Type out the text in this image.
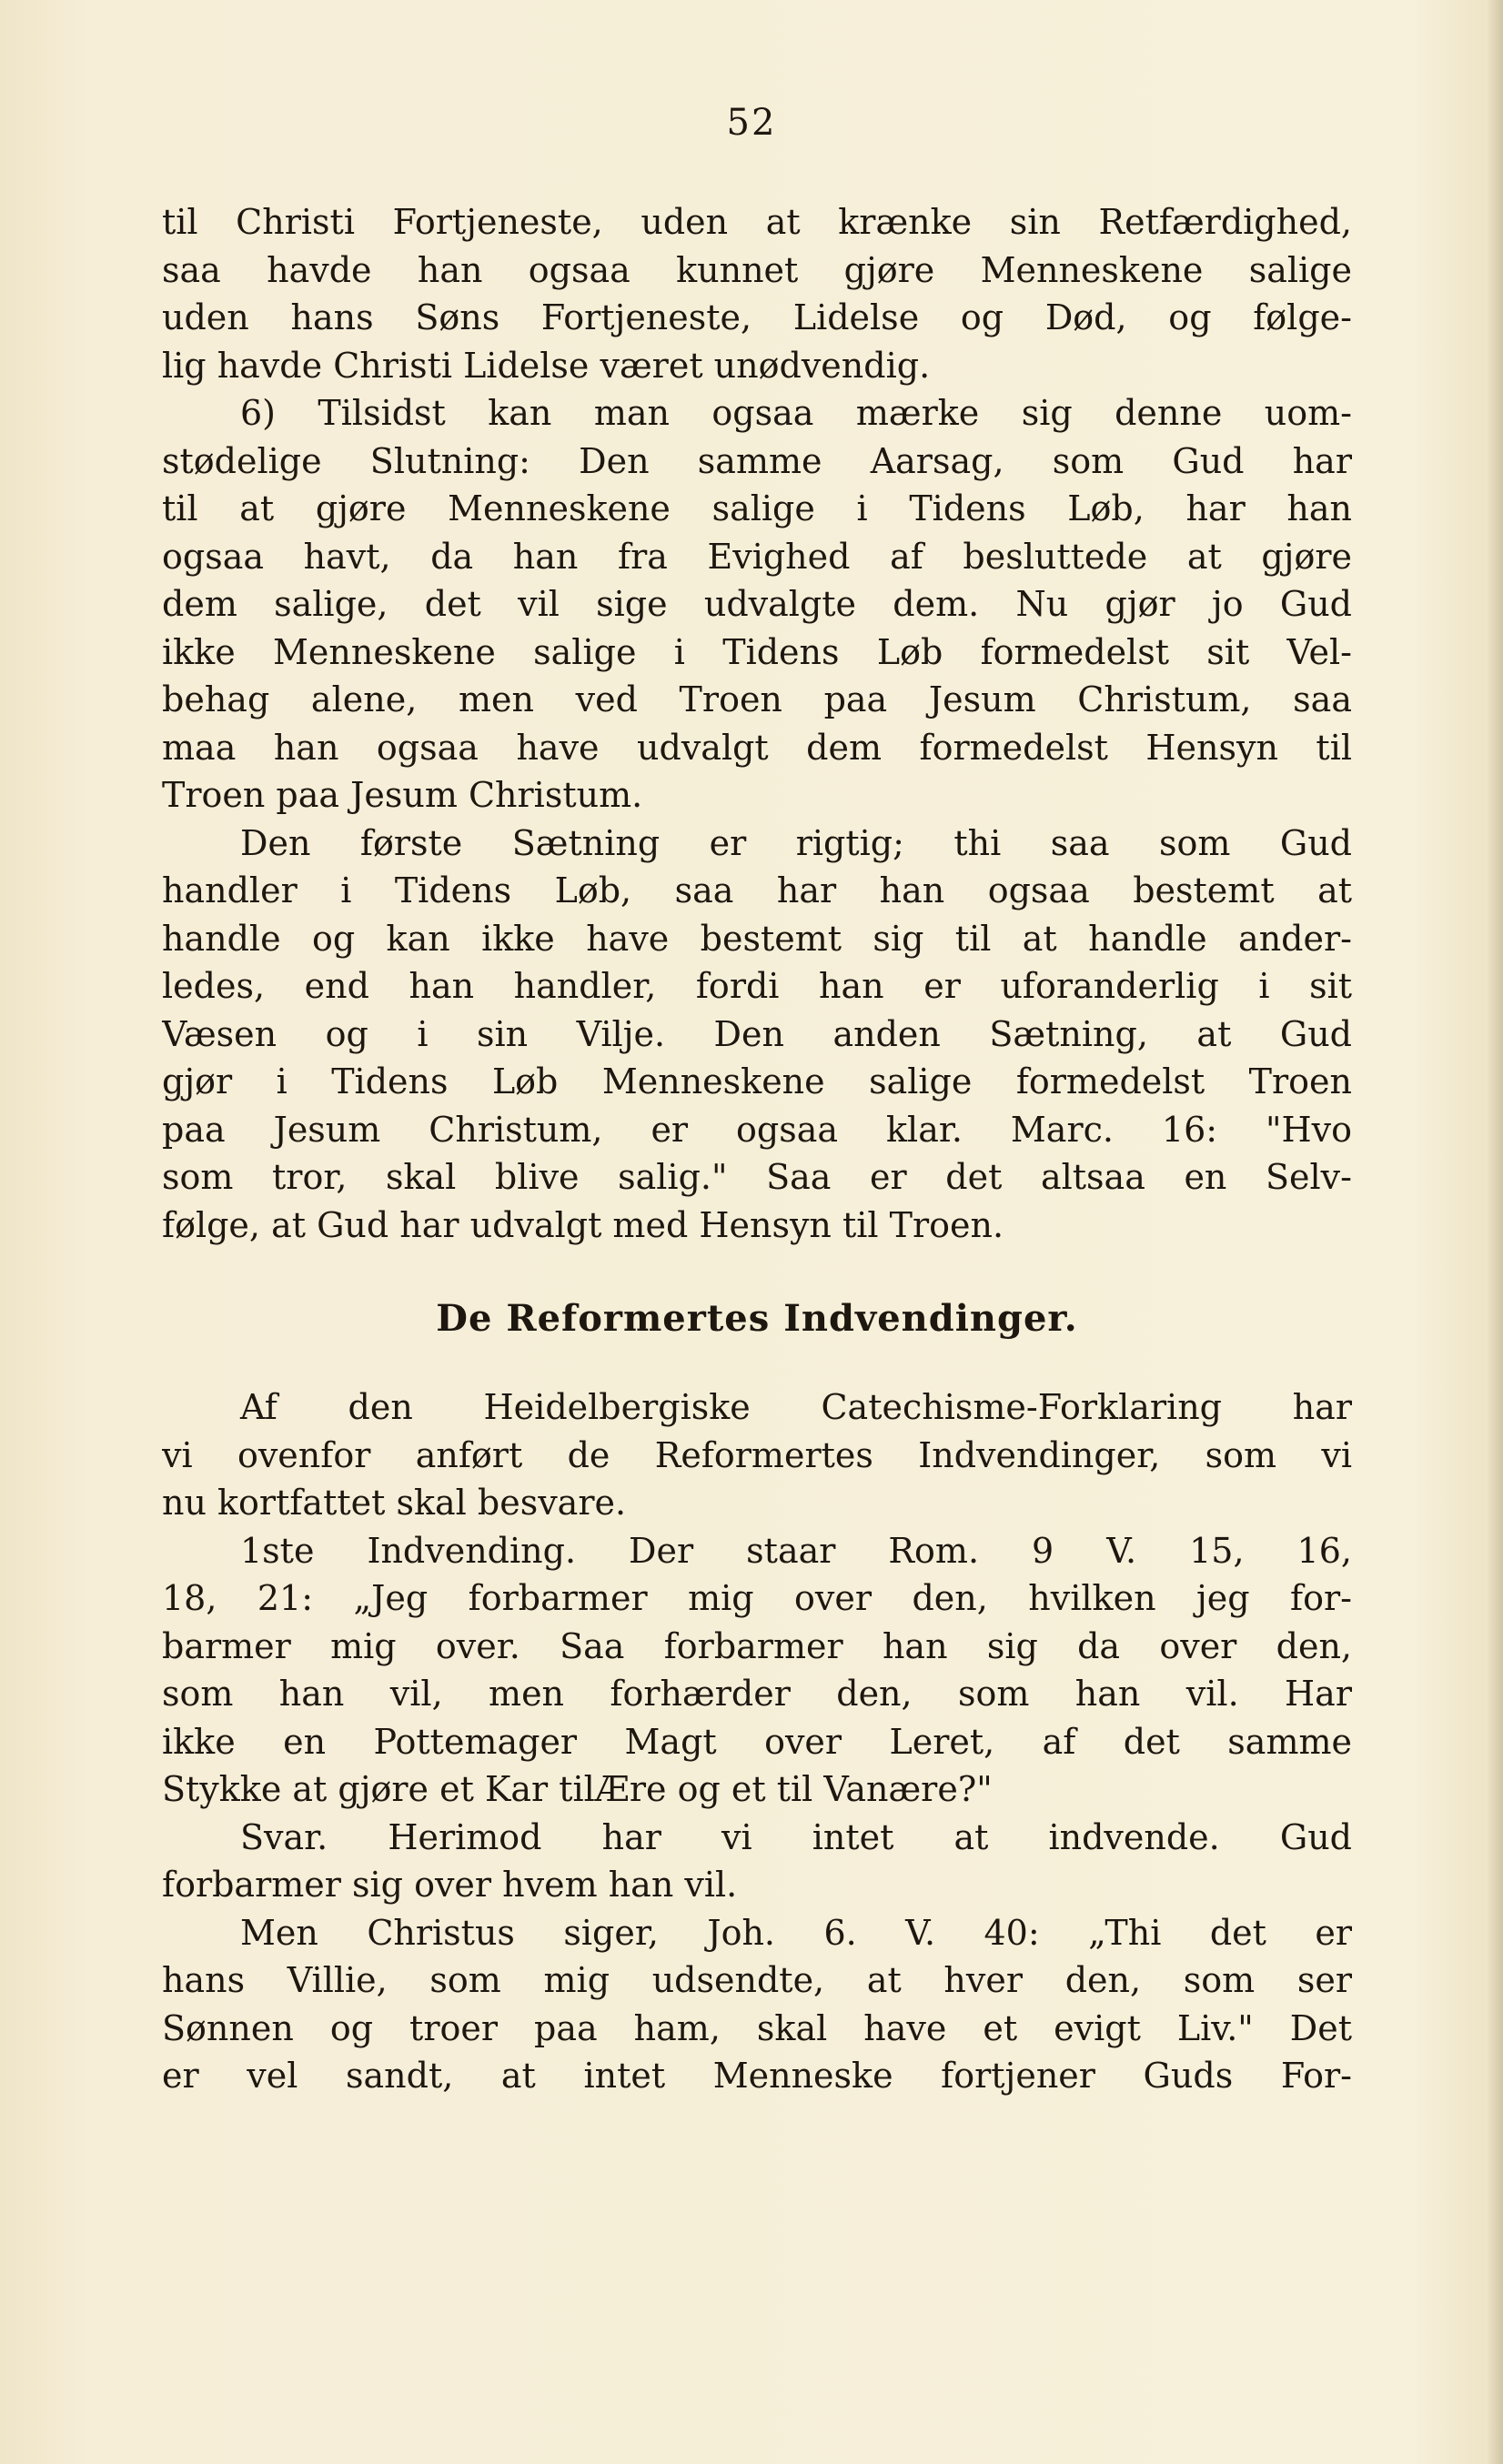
52
til Christi Fortjeneste, uden at krænke sin Retfærdighed,
saa havde han ogsaa kunnet gjøre Menneskene salige
uden hans Søns Fortjeneste, Lidelse og Død, og følge-
lig havde Christi Lidelse været unødvendig.
6) Tilsidst kan man ogsaa mærke sig denne uom-
stødelige Slutning: Den samme Aarsag, som Gud har
til at gjøre Menneskene salige i Tidens Løb, har han
ogsaa havt, da han fra Evighed af besluttede at gjøre
dem salige, det vil sige udvalgte dem. Nu gjør jo Gud
ikke Menneskene salige i Tidens Løb formedelst sit Vel-
behag alene, men ved Troen paa Jesum Christum, saa
maa han ogsaa have udvalgt dem formedelst Hensyn til
Troen paa Jesum Christum.
Den første Sætning er rigtig; thi saa som Gud
handler i Tidens Løb, saa har han ogsaa bestemt at
handle og kan ikke have bestemt sig til at handle ander-
ledes, end han handler, fordi han er uforanderlig i sit
Væsen og i sin Vilje. Den anden Sætning, at Gud
gjør i Tidens Løb Menneskene salige formedelst Troen
paa Jesum Christum, er ogsaa klar. Marc. 16: "Hvo
som tror, skal blive salig." Saa er det altsaa en Selv-
følge, at Gud har udvalgt med Hensyn til Troen.
De Reformertes Indvendinger.
Af den Heidelbergiske Catechisme-Forklaring har
vi ovenfor anført de Reformertes Indvendinger, som vi
nu kortfattet skal besvare.
1ste Indvending. Der staar Rom. 9 V. 15, 16,
18, 21: „Jeg forbarmer mig over den, hvilken jeg for-
barmer mig over. Saa forbarmer han sig da over den,
som han vil, men forhærder den, som han vil. Har
ikke en Pottemager Magt over Leret, af det samme
Stykke at gjøre et Kar tilÆre og et til Vanære?"
Svar. Herimod har vi intet at indvende. Gud
forbarmer sig over hvem han vil.
Men Christus siger, Joh. 6. V. 40: „Thi det er
hans Villie, som mig udsendte, at hver den, som ser
Sønnen og troer paa ham, skal have et evigt Liv." Det
er vel sandt, at intet Menneske fortjener Guds For-
